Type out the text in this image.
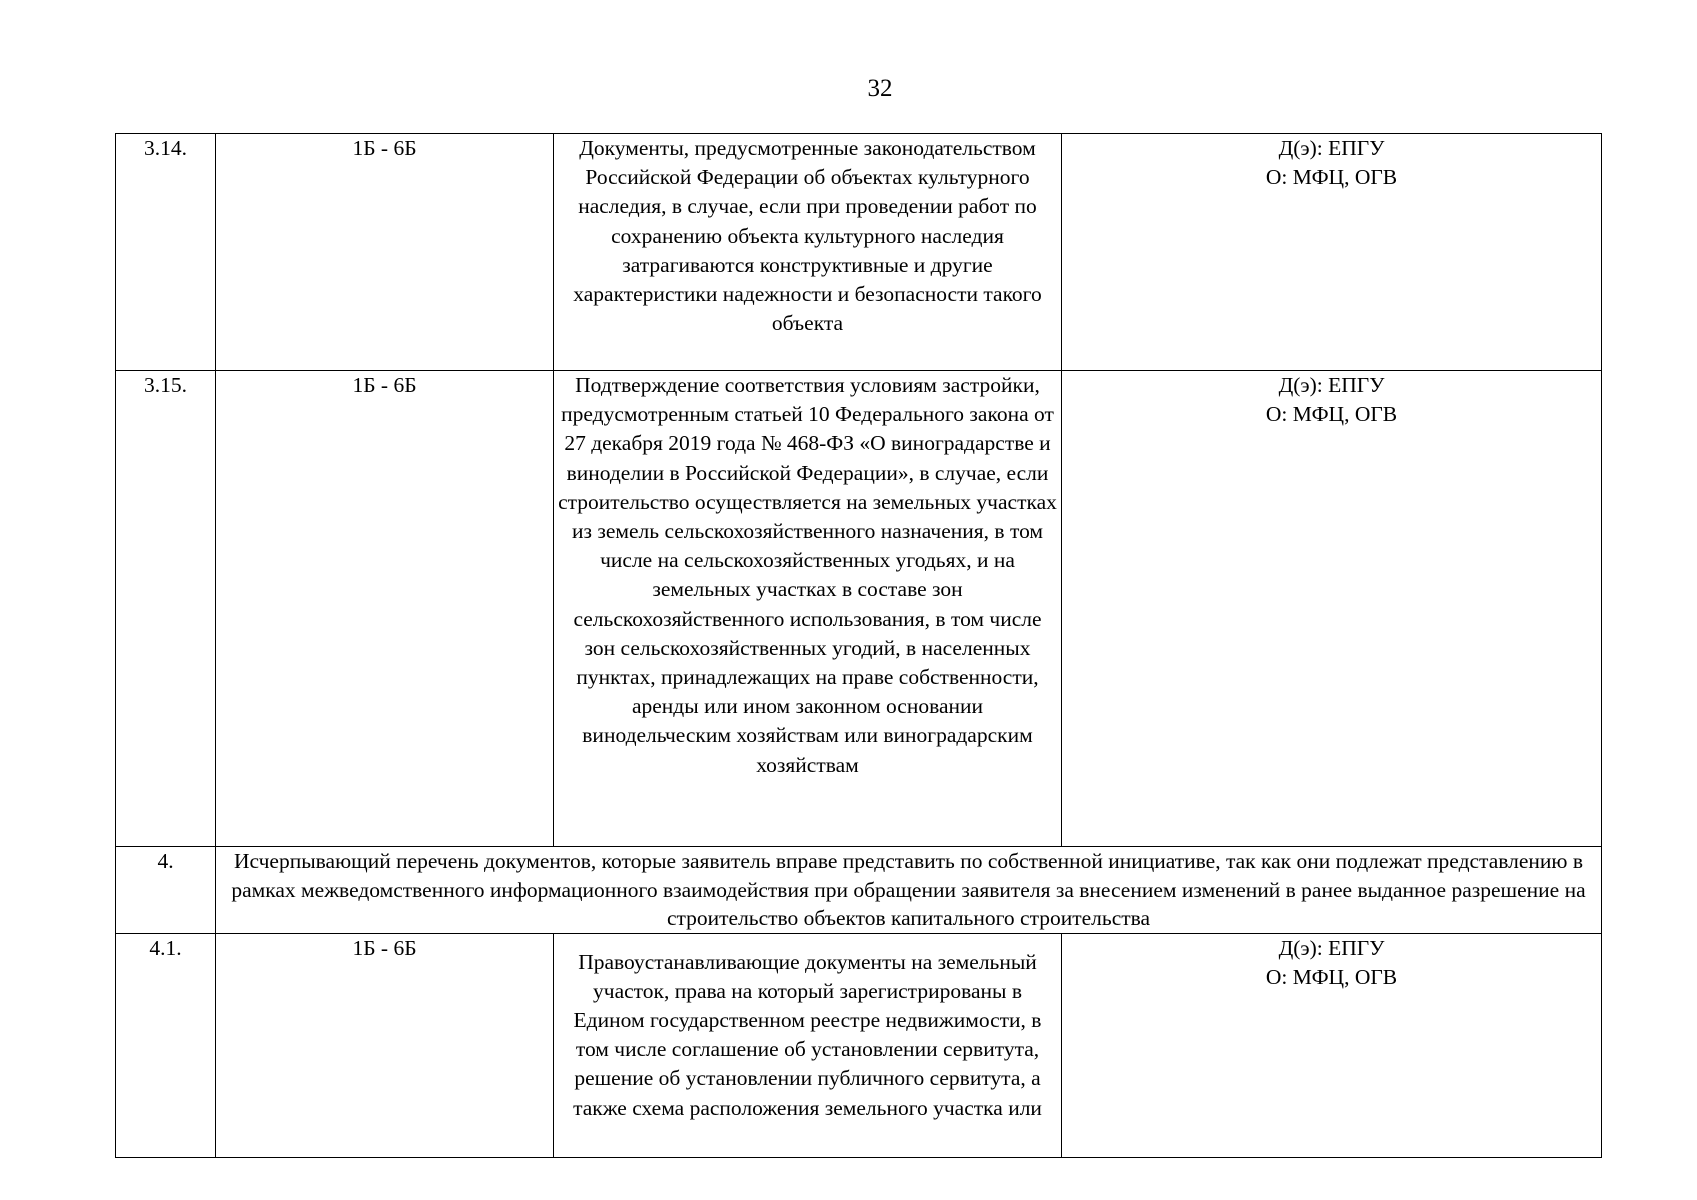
32
3.14.	1Б - 6Б	Документы, предусмотренные законодательством Российской Федерации об объектах культурного наследия, в случае, если при проведении работ по сохранению объекта культурного наследия затрагиваются конструктивные и другие характеристики надежности и безопасности такого объекта	Д(э): ЕПГУ
О: МФЦ, ОГВ

3.15.	1Б - 6Б	Подтверждение соответствия условиям застройки, предусмотренным статьей 10 Федерального закона от 27 декабря 2019 года № 468-ФЗ «О виноградарстве и виноделии в Российской Федерации», в случае, если строительство осуществляется на земельных участках из земель сельскохозяйственного назначения, в том числе на сельскохозяйственных угодьях, и на земельных участках в составе зон сельскохозяйственного использования, в том числе зон сельскохозяйственных угодий, в населенных пунктах, принадлежащих на праве собственности, аренды или ином законном основании винодельческим хозяйствам или виноградарским хозяйствам	Д(э): ЕПГУ
О: МФЦ, ОГВ

4.	Исчерпывающий перечень документов, которые заявитель вправе представить по собственной инициативе, так как они подлежат представлению в рамках межведомственного информационного взаимодействия при обращении заявителя за внесением изменений в ранее выданное разрешение на строительство объектов капитального строительства		
4.1.	1Б - 6Б	Правоустанавливающие документы на земельный участок, права на который зарегистрированы в Едином государственном реестре недвижимости, в том числе соглашение об установлении сервитута, решение об установлении публичного сервитута, а также схема расположения земельного участка или	Д(э): ЕПГУ
О: МФЦ, ОГВ
